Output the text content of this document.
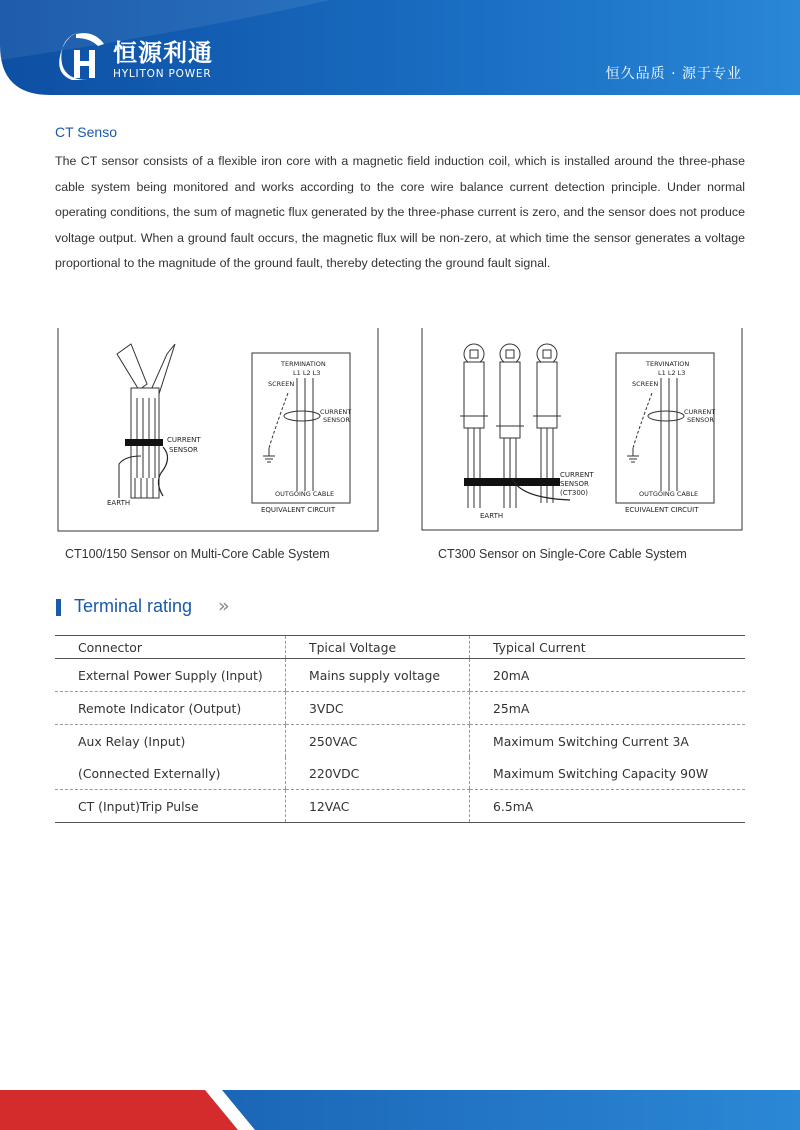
恒源利通
HYLITON POWER	恒久品质 · 源于专业
CT Senso
The CT sensor consists of a flexible iron core with a magnetic field induction coil, which is installed around the three-phase cable system being monitored and works according to the core wire balance current detection principle. Under normal operating conditions, the sum of magnetic flux generated by the three-phase current is zero, and the sensor does not produce voltage output. When a ground fault occurs, the magnetic flux will be non-zero, at which time the sensor generates a voltage proportional to the magnitude of the ground fault, thereby detecting the ground fault signal.
CURRENT
SENSOR
EARTH
TERMINATION
L1 L2 L3
SCREEN
CURRENT
SENSOR
OUTGOING CABLE
EQUIVALENT CIRCUIT
CURRENT
SENSOR
(CT300)
EARTH
TERVINATION
L1 L2 L3
SCREEN
CURRENT
SENSOR
OUTGOING CABLE
ECUIVALENT CIRCUIT
CT100/150 Sensor on Multi-Core Cable System	CT300 Sensor on Single-Core Cable System
Terminal rating »
Connector	Tpical Voltage	Typical Current
External Power Supply (Input)	Mains supply voltage	20mA
Remote Indicator (Output)	3VDC	25mA
Aux Relay (Input)	250VAC	Maximum Switching Current 3A
(Connected Externally)	220VDC	Maximum Switching Capacity 90W
CT (Input)Trip Pulse	12VAC	6.5mA
